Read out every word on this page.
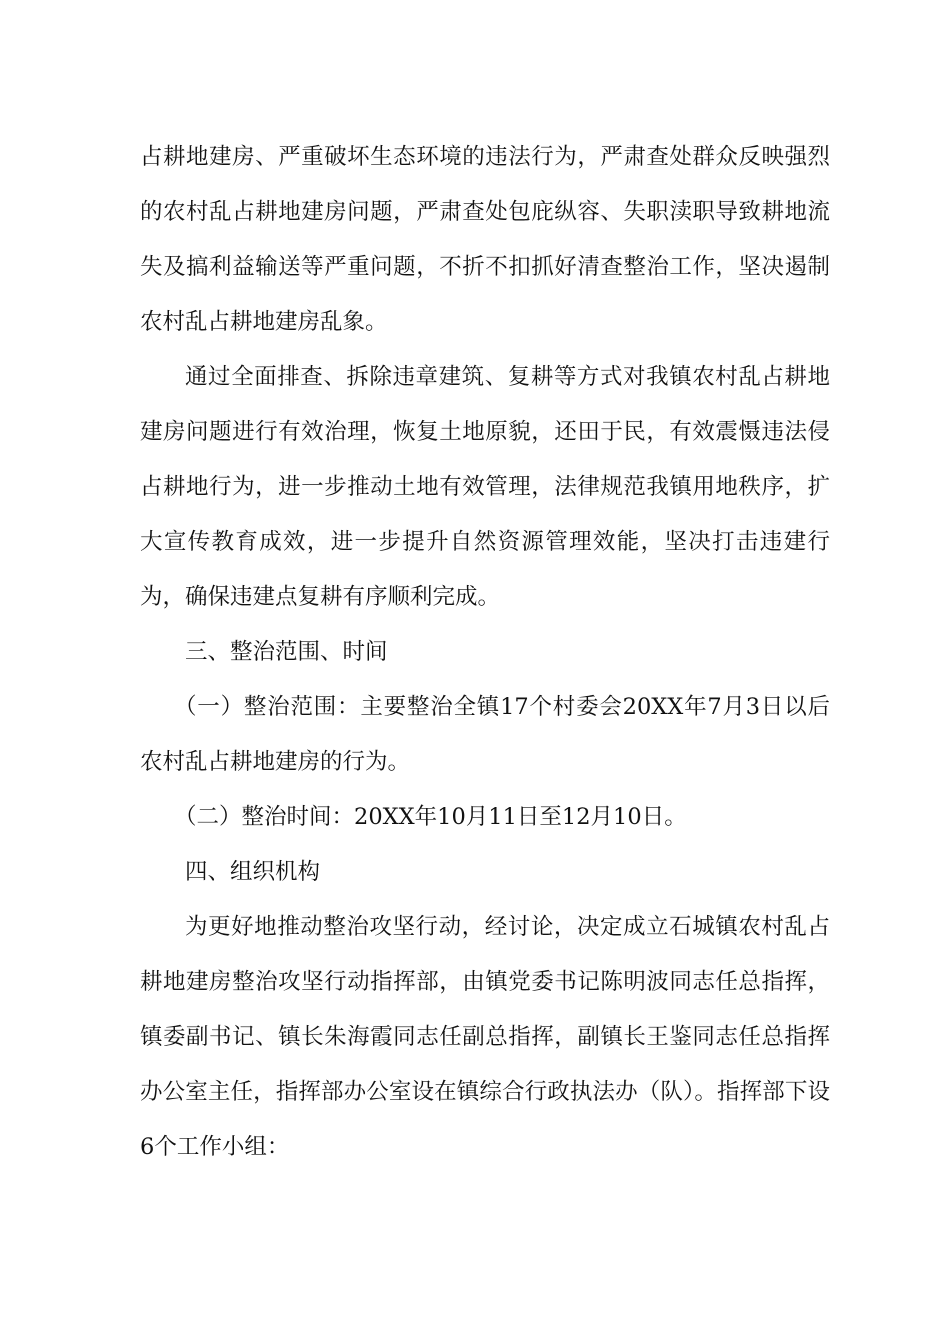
占耕地建房、严重破坏生态环境的违法行为，严肃查处群众反映强烈的农村乱占耕地建房问题，严肃查处包庇纵容、失职渎职导致耕地流失及搞利益输送等严重问题，不折不扣抓好清查整治工作，坚决遏制农村乱占耕地建房乱象。

通过全面排查、拆除违章建筑、复耕等方式对我镇农村乱占耕地建房问题进行有效治理，恢复土地原貌，还田于民，有效震慑违法侵占耕地行为，进一步推动土地有效管理，法律规范我镇用地秩序，扩大宣传教育成效，进一步提升自然资源管理效能，坚决打击违建行为，确保违建点复耕有序顺利完成。

三、整治范围、时间

（一）整治范围：主要整治全镇17个村委会20XX年7月3日以后农村乱占耕地建房的行为。

（二）整治时间：20XX年10月11日至12月10日。

四、组织机构

为更好地推动整治攻坚行动，经讨论，决定成立石城镇农村乱占耕地建房整治攻坚行动指挥部，由镇党委书记陈明波同志任总指挥，镇委副书记、镇长朱海霞同志任副总指挥，副镇长王鉴同志任总指挥办公室主任，指挥部办公室设在镇综合行政执法办（队）。指挥部下设6个工作小组：
